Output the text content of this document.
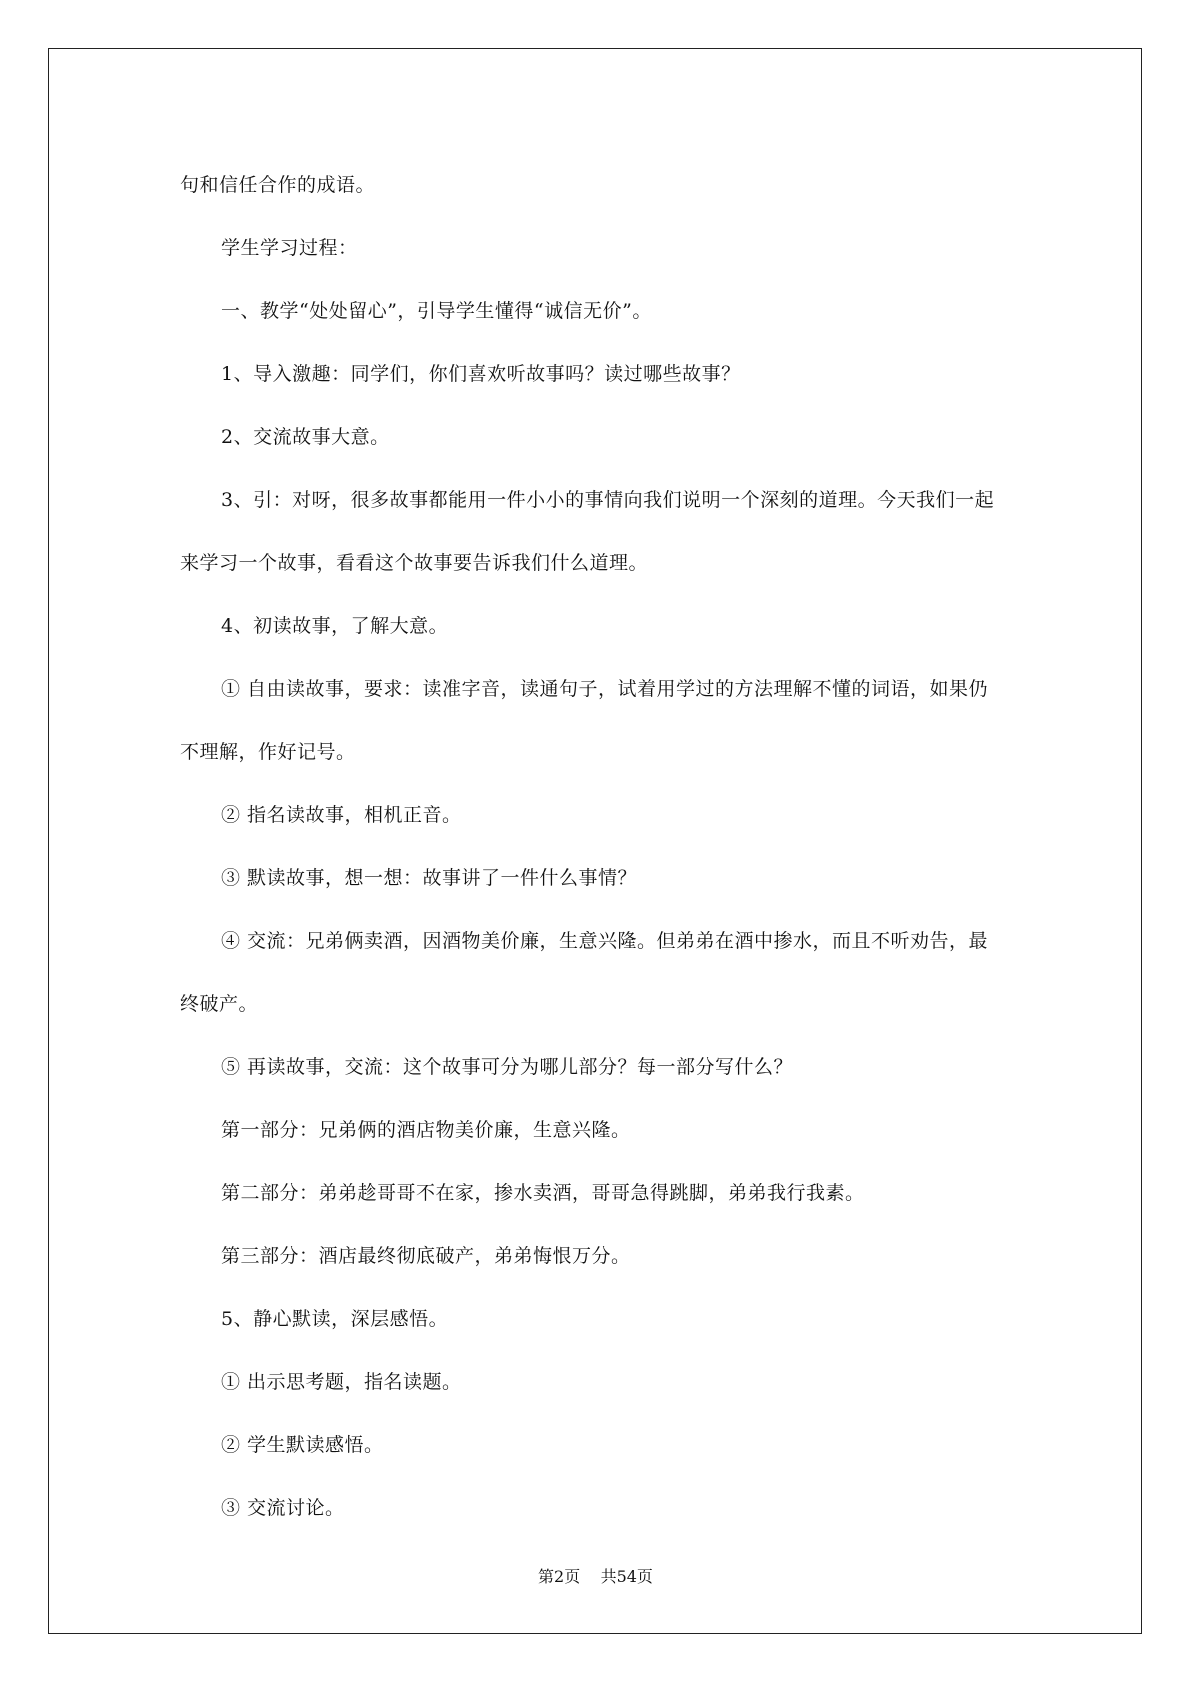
句和信任合作的成语。
学生学习过程：
一、教学“处处留心”，引导学生懂得“诚信无价”。
1、导入激趣：同学们，你们喜欢听故事吗？读过哪些故事？
2、交流故事大意。
3、引：对呀，很多故事都能用一件小小的事情向我们说明一个深刻的道理。今天我们一起
来学习一个故事，看看这个故事要告诉我们什么道理。
4、初读故事，了解大意。
① 自由读故事，要求：读准字音，读通句子，试着用学过的方法理解不懂的词语，如果仍
不理解，作好记号。
② 指名读故事，相机正音。
③ 默读故事，想一想：故事讲了一件什么事情？
④ 交流：兄弟俩卖酒，因酒物美价廉，生意兴隆。但弟弟在酒中掺水，而且不听劝告，最
终破产。
⑤ 再读故事，交流：这个故事可分为哪儿部分？每一部分写什么？
第一部分：兄弟俩的酒店物美价廉，生意兴隆。
第二部分：弟弟趁哥哥不在家，掺水卖酒，哥哥急得跳脚，弟弟我行我素。
第三部分：酒店最终彻底破产，弟弟悔恨万分。
5、静心默读，深层感悟。
① 出示思考题，指名读题。
② 学生默读感悟。
③ 交流讨论。
第2页    共54页
